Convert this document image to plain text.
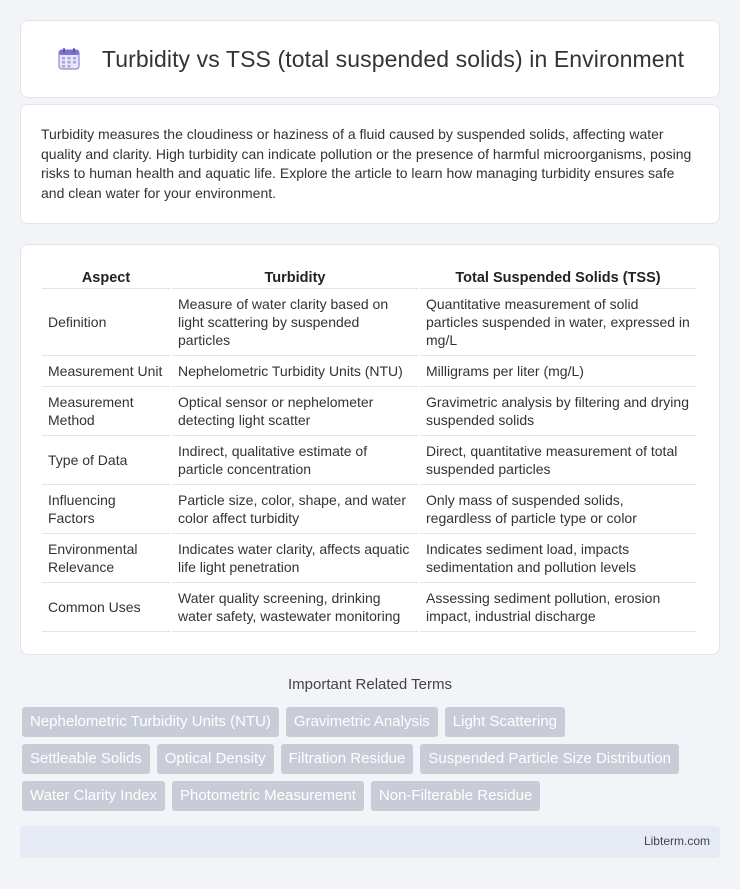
Turbidity vs TSS (total suspended solids) in Environment

Turbidity measures the cloudiness or haziness of a fluid caused by suspended solids, affecting water quality and clarity. High turbidity can indicate pollution or the presence of harmful microorganisms, posing risks to human health and aquatic life. Explore the article to learn how managing turbidity ensures safe and clean water for your environment.

Aspect	Turbidity	Total Suspended Solids (TSS)
Definition	Measure of water clarity based on light scattering by suspended particles	Quantitative measurement of solid particles suspended in water, expressed in mg/L
Measurement Unit	Nephelometric Turbidity Units (NTU)	Milligrams per liter (mg/L)
Measurement Method	Optical sensor or nephelometer detecting light scatter	Gravimetric analysis by filtering and drying suspended solids
Type of Data	Indirect, qualitative estimate of particle concentration	Direct, quantitative measurement of total suspended particles
Influencing Factors	Particle size, color, shape, and water color affect turbidity	Only mass of suspended solids, regardless of particle type or color
Environmental Relevance	Indicates water clarity, affects aquatic life light penetration	Indicates sediment load, impacts sedimentation and pollution levels
Common Uses	Water quality screening, drinking water safety, wastewater monitoring	Assessing sediment pollution, erosion impact, industrial discharge
Important Related Terms
Nephelometric Turbidity Units (NTU)	Gravimetric Analysis	Light Scattering
Settleable Solids	Optical Density	Filtration Residue	Suspended Particle Size Distribution
Water Clarity Index	Photometric Measurement	Non-Filterable Residue
Libterm.com
